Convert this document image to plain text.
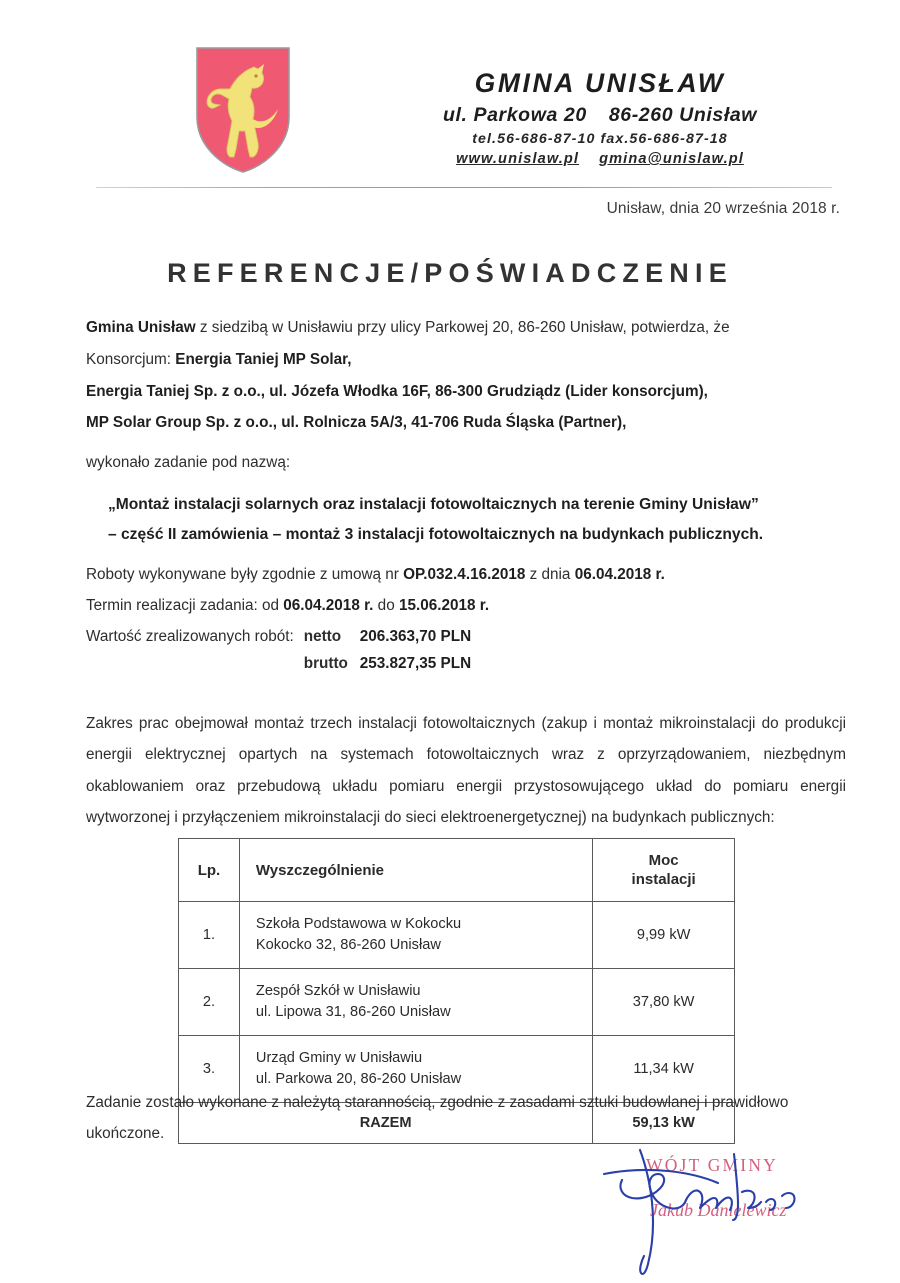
GMINA UNISŁAW
ul. Parkowa 20 86-260 Unisław
tel.56-686-87-10 fax.56-686-87-18
www.unislaw.pl gmina@unislaw.pl
Unisław, dnia 20 września 2018 r.
REFERENCJE/POŚWIADCZENIE
Gmina Unisław z siedzibą w Unisławiu przy ulicy Parkowej 20, 86-260 Unisław, potwierdza, że
Konsorcjum: Energia Taniej MP Solar,
Energia Taniej Sp. z o.o., ul. Józefa Włodka 16F, 86-300 Grudziądz (Lider konsorcjum),
MP Solar Group Sp. z o.o., ul. Rolnicza 5A/3, 41-706 Ruda Śląska (Partner),
wykonało zadanie pod nazwą:
„Montaż instalacji solarnych oraz instalacji fotowoltaicznych na terenie Gminy Unisław”
– część II zamówienia – montaż 3 instalacji fotowoltaicznych na budynkach publicznych.
Roboty wykonywane były zgodnie z umową nr OP.032.4.16.2018 z dnia 06.04.2018 r.
Termin realizacji zadania: od 06.04.2018 r. do 15.06.2018 r.
Wartość zrealizowanych robót: netto 206.363,70 PLN
brutto 253.827,35 PLN
Zakres prac obejmował montaż trzech instalacji fotowoltaicznych (zakup i montaż mikroinstalacji do produkcji energii elektrycznej opartych na systemach fotowoltaicznych wraz z oprzyrządowaniem, niezbędnym okablowaniem oraz przebudową układu pomiaru energii przystosowującego układ do pomiaru energii wytworzonej i przyłączeniem mikroinstalacji do sieci elektroenergetycznej) na budynkach publicznych:
Lp.	Wyszczególnienie	Moc
instalacji
1.	Szkoła Podstawowa w Kokocku
Kokocko 32, 86-260 Unisław	9,99 kW
2.	Zespół Szkół w Unisławiu
ul. Lipowa 31, 86-260 Unisław	37,80 kW
3.	Urząd Gminy w Unisławiu
ul. Parkowa 20, 86-260 Unisław	11,34 kW
RAZEM		59,13 kW
Zadanie zostało wykonane z należytą starannością, zgodnie z zasadami sztuki budowlanej i prawidłowo ukończone.
WÓJT GMINY
Jakub Danielewicz
